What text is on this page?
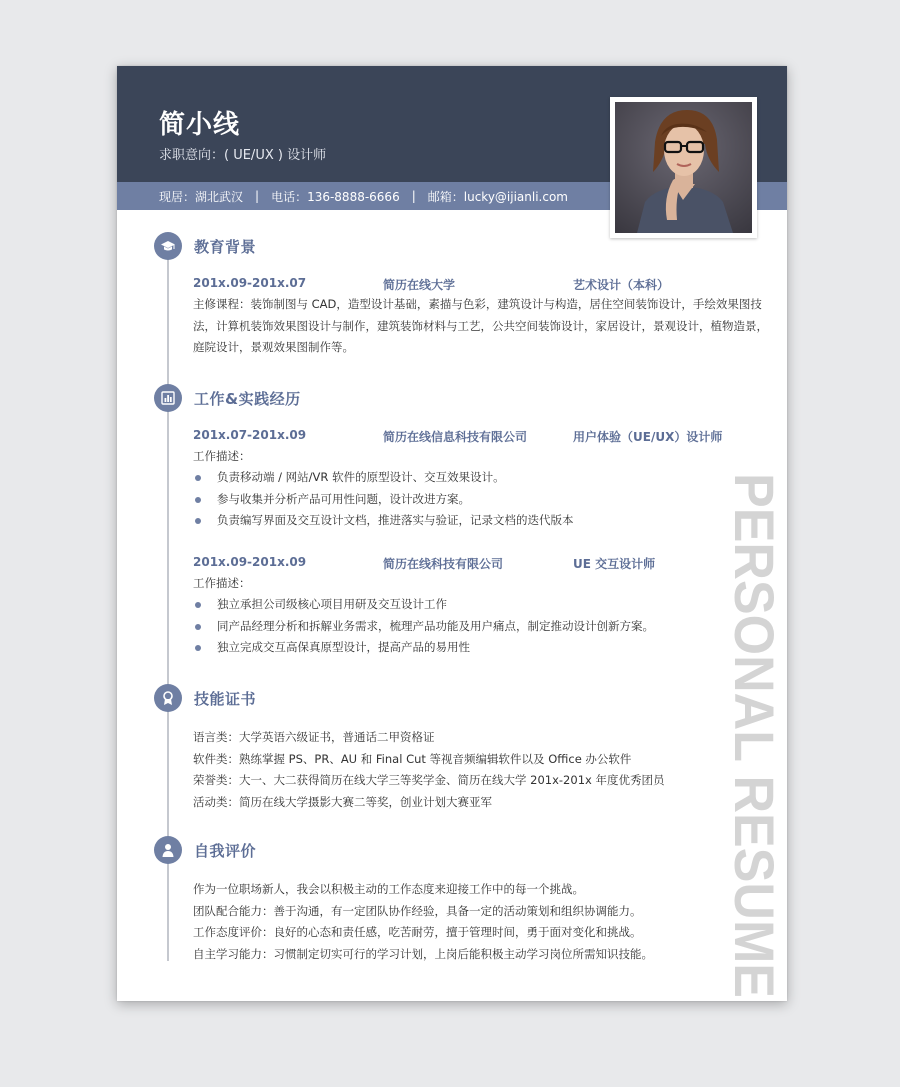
简小线
求职意向：( UE/UX ) 设计师
现居：湖北武汉 | 电话：136-8888-6666 | 邮箱：lucky@ijianli.com
教育背景
201x.09-201x.07	简历在线大学	艺术设计（本科）
主修课程：装饰制图与 CAD，造型设计基础，素描与色彩，建筑设计与构造，居住空间装饰设计，手绘效果图技法，计算机装饰效果图设计与制作，建筑装饰材料与工艺，公共空间装饰设计，家居设计，景观设计，植物造景，庭院设计，景观效果图制作等。
工作&实践经历
201x.07-201x.09	简历在线信息科技有限公司	用户体验（UE/UX）设计师
工作描述：
负责移动端 / 网站/VR 软件的原型设计、交互效果设计。
参与收集并分析产品可用性问题，设计改进方案。
负责编写界面及交互设计文档，推进落实与验证，记录文档的迭代版本
201x.09-201x.09	简历在线科技有限公司	UE 交互设计师
工作描述：
独立承担公司级核心项目用研及交互设计工作
同产品经理分析和拆解业务需求，梳理产品功能及用户痛点，制定推动设计创新方案。
独立完成交互高保真原型设计，提高产品的易用性
技能证书
语言类：大学英语六级证书，普通话二甲资格证
软件类：熟练掌握 PS、PR、AU 和 Final Cut 等视音频编辑软件以及 Office 办公软件
荣誉类：大一、大二获得简历在线大学三等奖学金、简历在线大学 201x-201x 年度优秀团员
活动类：简历在线大学摄影大赛二等奖，创业计划大赛亚军
自我评价
作为一位职场新人，我会以积极主动的工作态度来迎接工作中的每一个挑战。
团队配合能力：善于沟通，有一定团队协作经验，具备一定的活动策划和组织协调能力。
工作态度评价：良好的心态和责任感，吃苦耐劳，擅于管理时间，勇于面对变化和挑战。
自主学习能力：习惯制定切实可行的学习计划，上岗后能积极主动学习岗位所需知识技能。 PERSONAL RESUME
